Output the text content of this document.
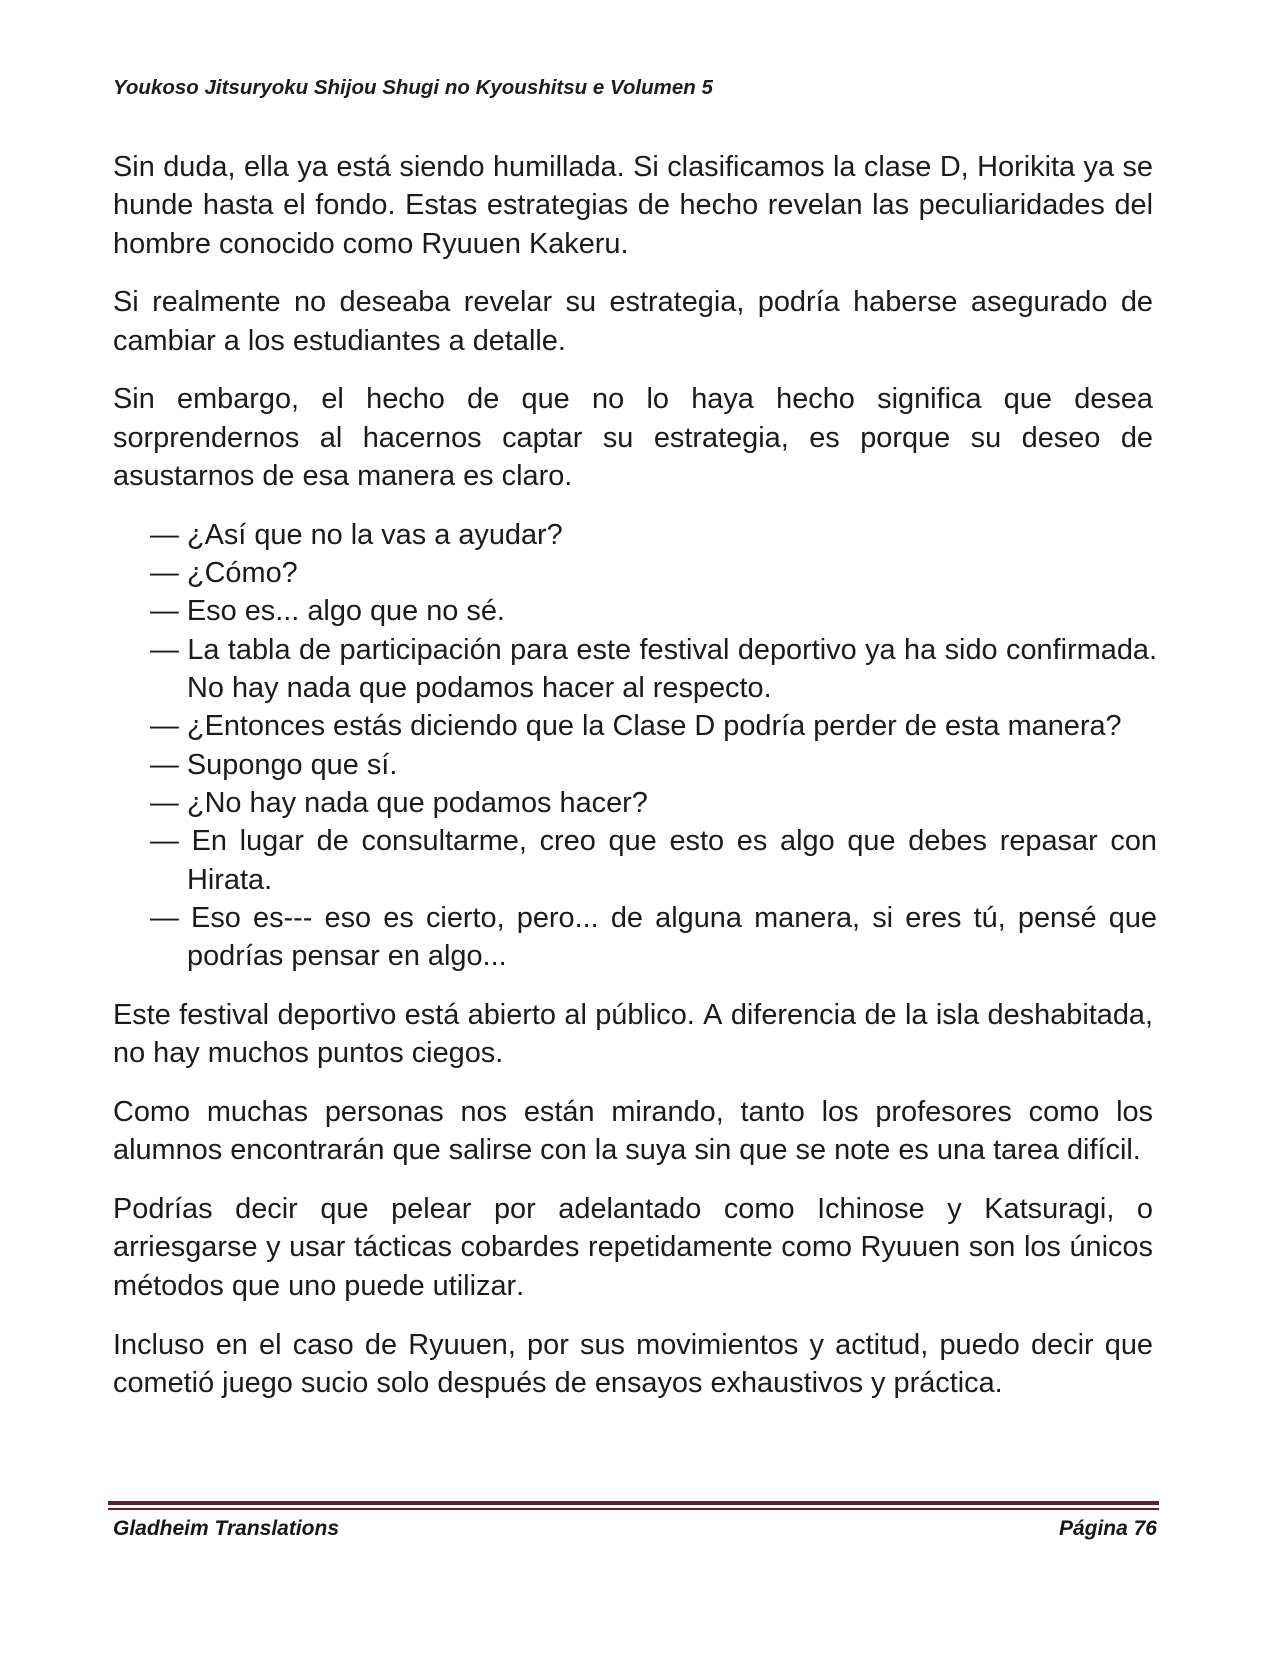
Youkoso Jitsuryoku Shijou Shugi no Kyoushitsu e Volumen 5

Sin duda, ella ya está siendo humillada. Si clasificamos la clase D, Horikita ya se hunde hasta el fondo. Estas estrategias de hecho revelan las peculiaridades del hombre conocido como Ryuuen Kakeru.

Si realmente no deseaba revelar su estrategia, podría haberse asegurado de cambiar a los estudiantes a detalle.

Sin embargo, el hecho de que no lo haya hecho significa que desea sorprendernos al hacernos captar su estrategia, es porque su deseo de asustarnos de esa manera es claro.

— ¿Así que no la vas a ayudar?
— ¿Cómo?
— Eso es... algo que no sé.
— La tabla de participación para este festival deportivo ya ha sido confirmada. No hay nada que podamos hacer al respecto.
— ¿Entonces estás diciendo que la Clase D podría perder de esta manera?
— Supongo que sí.
— ¿No hay nada que podamos hacer?
— En lugar de consultarme, creo que esto es algo que debes repasar con Hirata.
— Eso es--- eso es cierto, pero... de alguna manera, si eres tú, pensé que podrías pensar en algo...

Este festival deportivo está abierto al público. A diferencia de la isla deshabitada, no hay muchos puntos ciegos.

Como muchas personas nos están mirando, tanto los profesores como los alumnos encontrarán que salirse con la suya sin que se note es una tarea difícil.

Podrías decir que pelear por adelantado como Ichinose y Katsuragi, o arriesgarse y usar tácticas cobardes repetidamente como Ryuuen son los únicos métodos que uno puede utilizar.

Incluso en el caso de Ryuuen, por sus movimientos y actitud, puedo decir que cometió juego sucio solo después de ensayos exhaustivos y práctica.

Gladheim Translations	Página 76
